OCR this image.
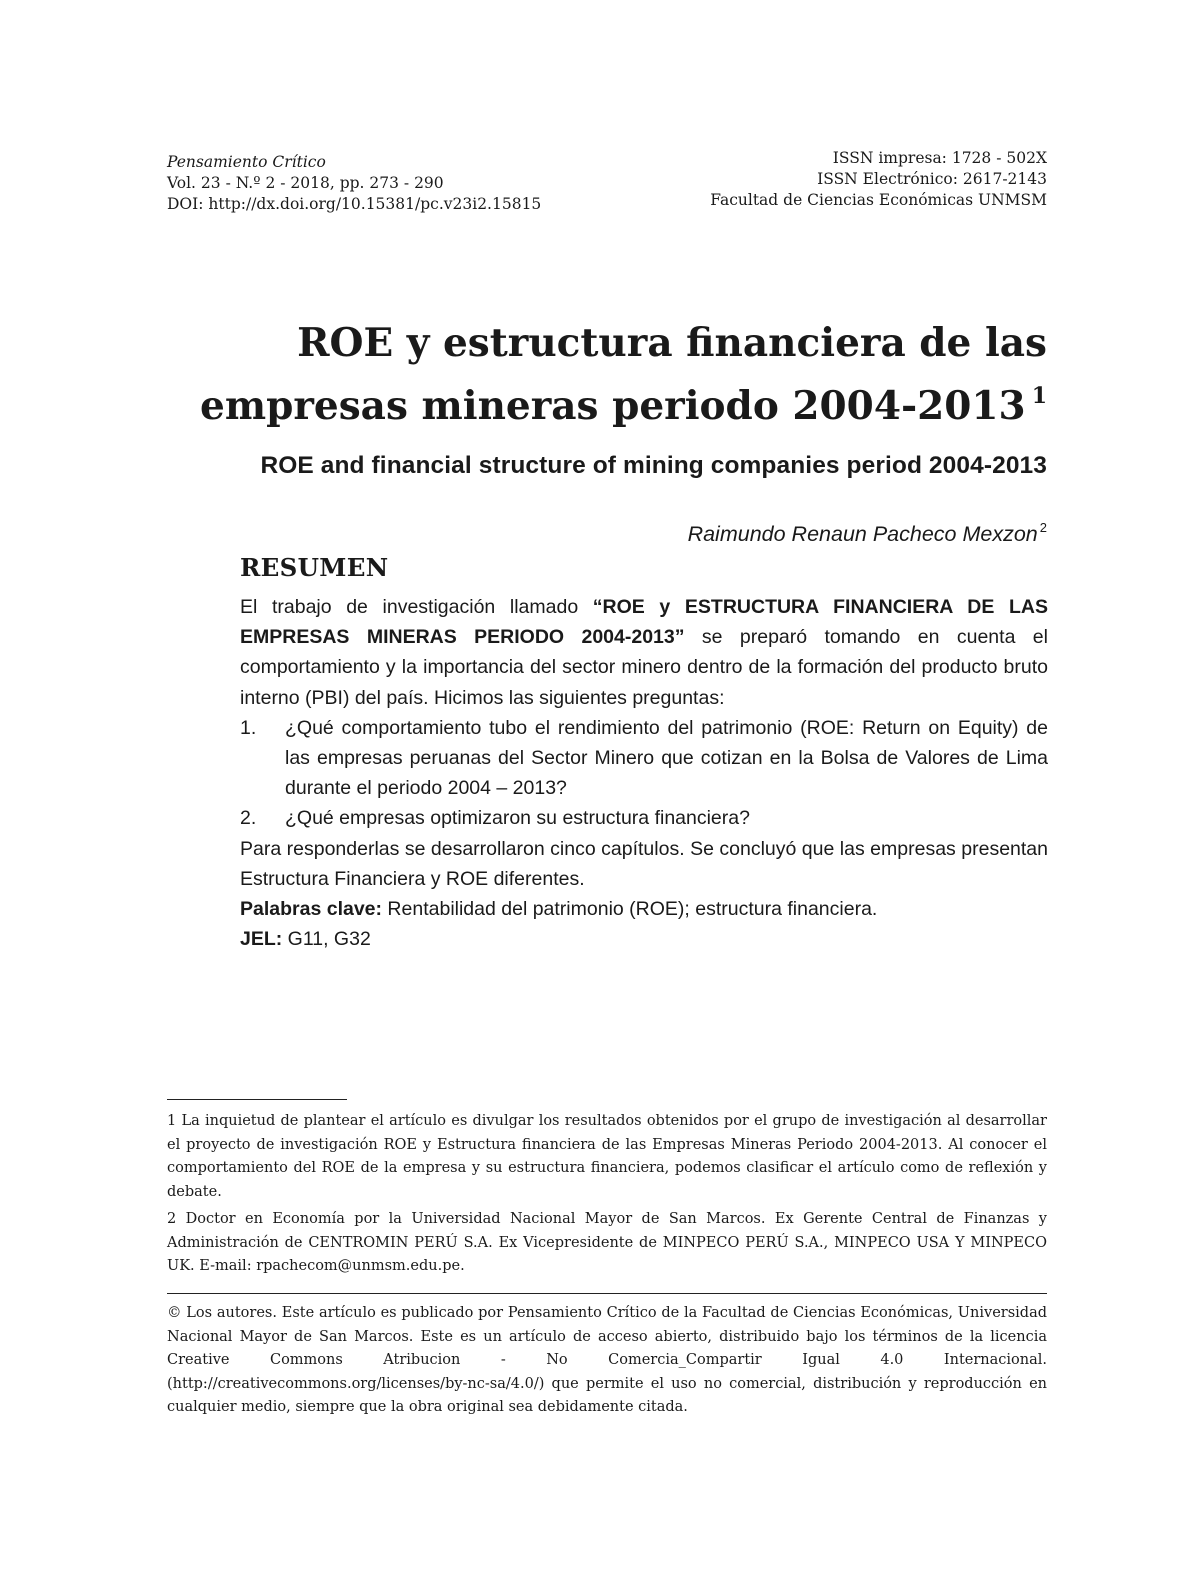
Pensamiento Crítico
Vol. 23 - N.º 2 - 2018, pp. 273 - 290
DOI: http://dx.doi.org/10.15381/pc.v23i2.15815
ISSN impresa: 1728 - 502X
ISSN Electrónico: 2617-2143
Facultad de Ciencias Económicas UNMSM
ROE y estructura financiera de las
empresas mineras periodo 2004-2013 $^1$
ROE and financial structure of mining companies period 2004-2013
Raimundo Renaun Pacheco Mexzon $^2$
RESUMEN

El trabajo de investigación llamado “ROE y ESTRUCTURA FINANCIERA DE LAS EMPRESAS MINERAS PERIODO 2004-2013” se preparó tomando en cuenta el comportamiento y la importancia del sector minero dentro de la formación del producto bruto interno (PBI) del país. Hicimos las siguientes preguntas:

1. ¿Qué comportamiento tubo el rendimiento del patrimonio (ROE: Return on Equity) de las empresas peruanas del Sector Minero que cotizan en la Bolsa de Valores de Lima durante el periodo 2004 – 2013?
2. ¿Qué empresas optimizaron su estructura financiera?

Para responderlas se desarrollaron cinco capítulos. Se concluyó que las empresas presentan Estructura Financiera y ROE diferentes.

Palabras clave: Rentabilidad del patrimonio (ROE); estructura financiera.

JEL: G11, G32

1 La inquietud de plantear el artículo es divulgar los resultados obtenidos por el grupo de investigación al desarrollar el proyecto de investigación ROE y Estructura financiera de las Empresas Mineras Periodo 2004-2013. Al conocer el comportamiento del ROE de la empresa y su estructura financiera, podemos clasificar el artículo como de reflexión y debate.

2 Doctor en Economía por la Universidad Nacional Mayor de San Marcos. Ex Gerente Central de Finanzas y Administración de CENTROMIN PERÚ S.A. Ex Vicepresidente de MINPECO PERÚ S.A., MINPECO USA Y MINPECO UK. E-mail: rpachecom@unmsm.edu.pe.

© Los autores. Este artículo es publicado por Pensamiento Crítico de la Facultad de Ciencias Económicas, Universidad Nacional Mayor de San Marcos. Este es un artículo de acceso abierto, distribuido bajo los términos de la licencia Creative Commons Atribucion - No Comercia_Compartir Igual 4.0 Internacional. (http://creativecommons.org/licenses/by-nc-sa/4.0/) que permite el uso no comercial, distribución y reproducción en cualquier medio, siempre que la obra original sea debidamente citada.
